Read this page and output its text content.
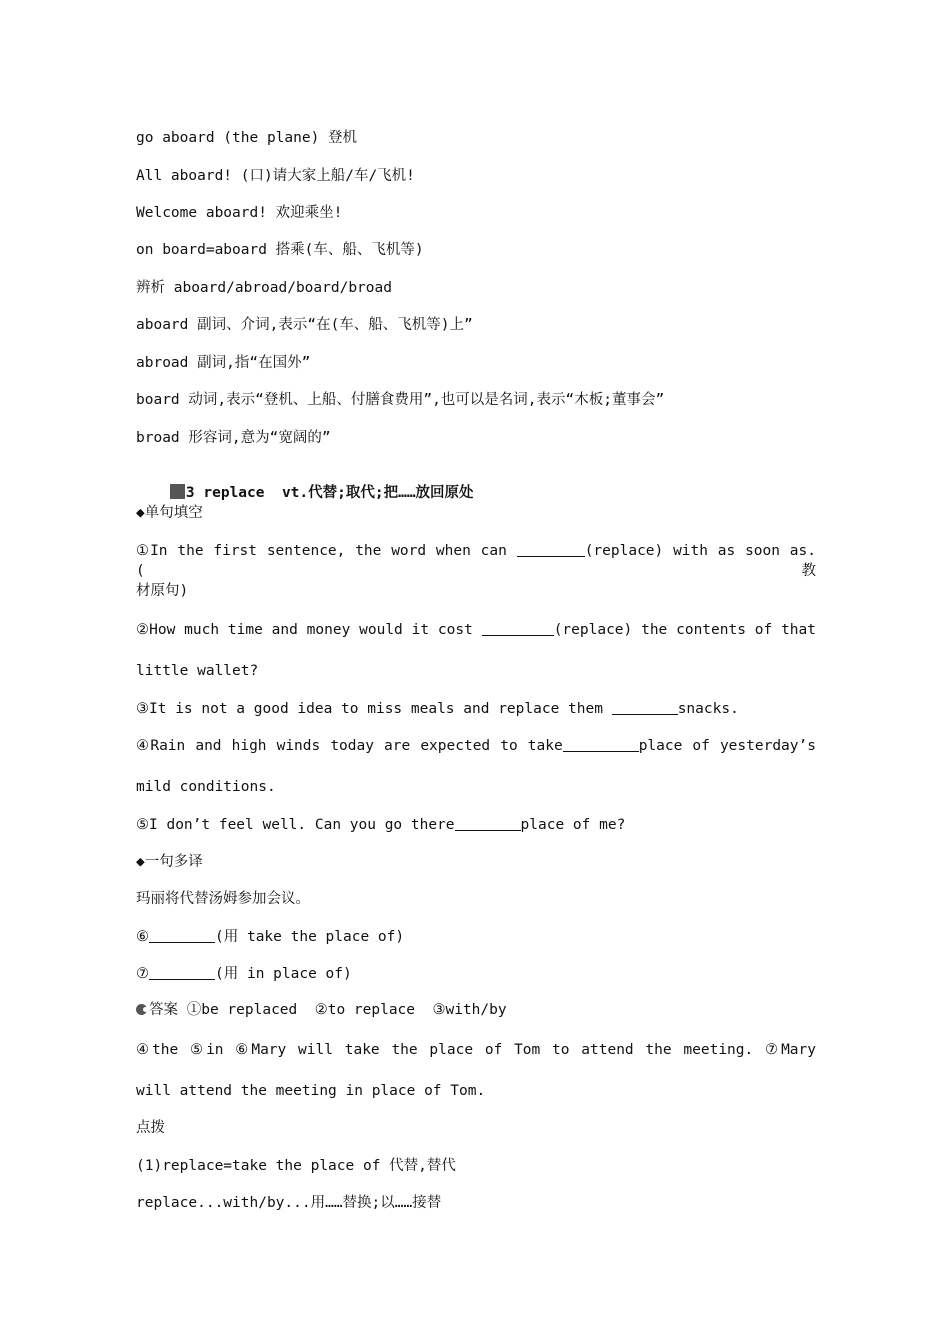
go aboard (the plane) 登机
All aboard! (口)请大家上船/车/飞机!
Welcome aboard! 欢迎乘坐!
on board=aboard 搭乘(车、船、飞机等)
辨析 aboard/abroad/board/broad
aboard 副词、介词,表示“在(车、船、飞机等)上”
abroad 副词,指“在国外”
board 动词,表示“登机、上船、付膳食费用”,也可以是名词,表示“木板;董事会”
broad 形容词,意为“宽阔的”

3 replace  vt.代替;取代;把……放回原处

◆单句填空
①In the first sentence, the word when can	(replace) with as soon as.(教
材原句)
②How much time and money would it cost	(replace) the contents of that
little wallet?
③It is not a good idea to miss meals and replace them	snacks.
④Rain and high winds today are expected to take	place of yesterday’s
mild conditions.
⑤I don’t feel well. Can you go there	place of me?
◆一句多译
玛丽将代替汤姆参加会议。
⑥	(用 take the place of)
⑦	(用 in place of)
答案 ①be replaced  ②to replace  ③with/by
④the ⑤in ⑥Mary will take the place of Tom to attend the meeting. ⑦Mary
will attend the meeting in place of Tom.
点拨
(1)replace=take the place of 代替,替代
replace...with/by...用……替换;以……接替
